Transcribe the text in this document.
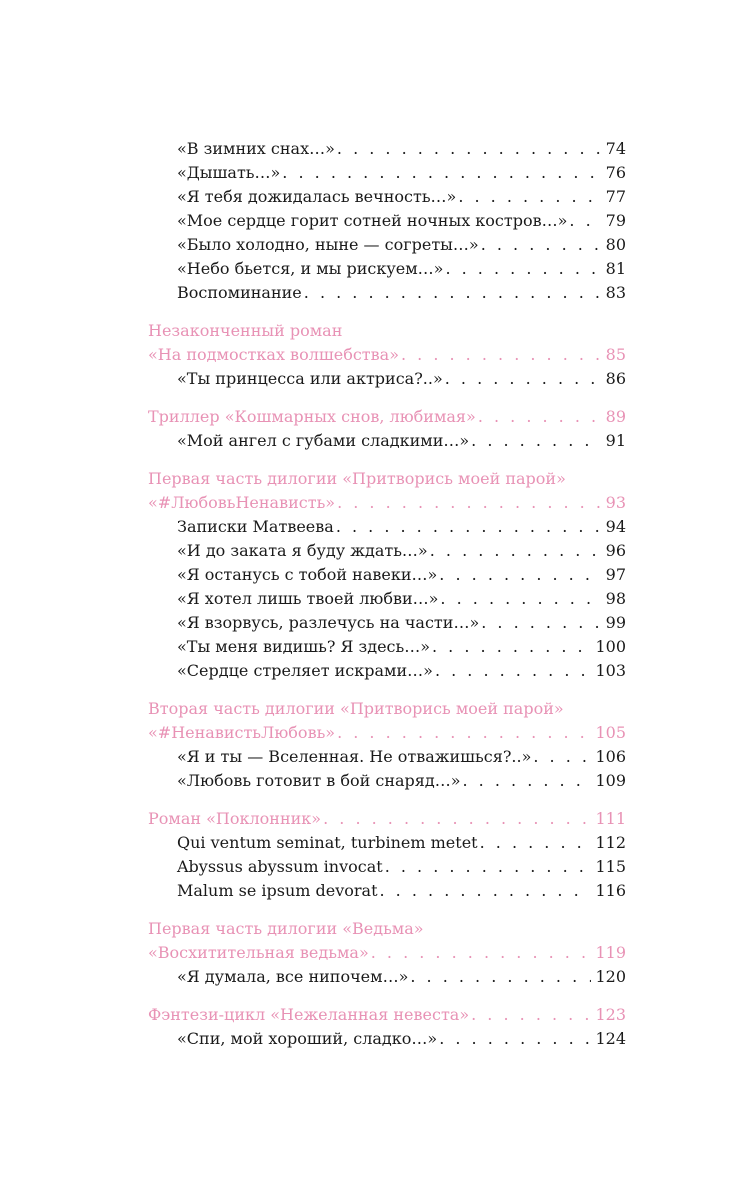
«В зимних снах…» . . .	74
«Дышать…» . . .	76
«Я тебя дожидалась вечность…» . . .	77
«Мое сердце горит сотней ночных костров…» . . . 79
«Было холодно, ныне — согреты…» . . .	80
«Небо бьется, и мы рискуем…» . . .	81
Воспоминание . . .	83
Незаконченный роман
«На подмостках волшебства» . . .	85
«Ты принцесса или актриса?..» . . .	86
Триллер «Кошмарных снов, любимая» . . .	89
«Мой ангел с губами сладкими…» . . .	91
Первая часть дилогии «Притворись моей парой»
«#ЛюбовьНенависть» . . .	93
Записки Матвеева . . .	94
«И до заката я буду ждать…» . . .	96
«Я останусь с тобой навеки…» . . .	97
«Я хотел лишь твоей любви…» . . .	98
«Я взорвусь, разлечусь на части…» . . .	99
«Ты меня видишь? Я здесь…» . . .	100
«Сердце стреляет искрами…» . . .	103
Вторая часть дилогии «Притворись моей парой»
«#НенавистьЛюбовь» . . .	105
«Я и ты — Вселенная. Не отважишься?..» . . .	106
«Любовь готовит в бой снаряд…» . . .	109
Роман «Поклонник» . . .	111
Qui ventum seminat, turbinem metet . . .	112
Abyssus abyssum invocat . . .	115
Malum se ipsum devorat . . .	116
Первая часть дилогии «Ведьма»
«Восхитительная ведьма» . . .	119
«Я думала, все нипочем…» . . .	120
Фэнтези-цикл «Нежеланная невеста» . . .	123
«Спи, мой хороший, сладко…» . . .	124
